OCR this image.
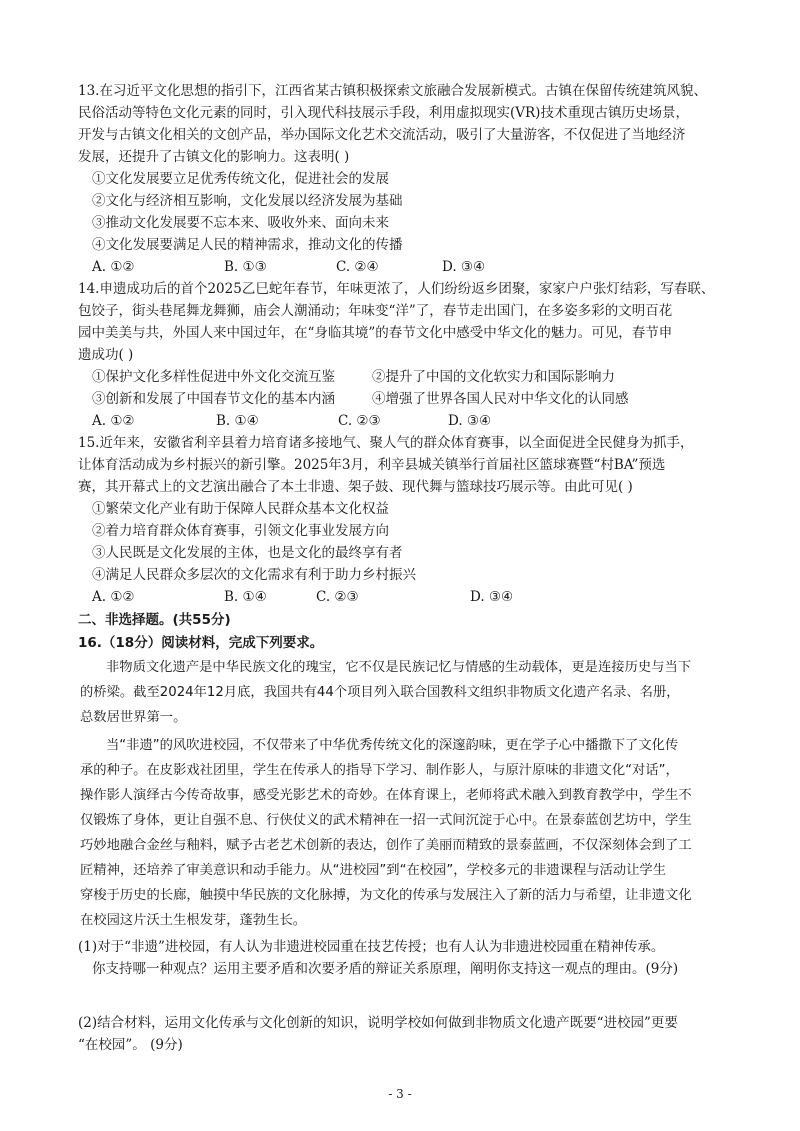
13.在习近平文化思想的指引下，江西省某古镇积极探索文旅融合发展新模式。古镇在保留传统建筑风貌、
民俗活动等特色文化元素的同时，引入现代科技展示手段，利用虚拟现实(VR)技术重现古镇历史场景，
开发与古镇文化相关的文创产品，举办国际文化艺术交流活动，吸引了大量游客，不仅促进了当地经济
发展，还提升了古镇文化的影响力。这表明( )
①文化发展要立足优秀传统文化，促进社会的发展
②文化与经济相互影响，文化发展以经济发展为基础
③推动文化发展要不忘本来、吸收外来、面向未来
④文化发展要满足人民的精神需求，推动文化的传播
A. ①②	B. ①③	C. ②④	D. ③④
14.申遗成功后的首个2025乙巳蛇年春节，年味更浓了，人们纷纷返乡团聚，家家户户张灯结彩，写春联、
包饺子，街头巷尾舞龙舞狮，庙会人潮涌动；年味变“洋”了，春节走出国门，在多姿多彩的文明百花
园中美美与共，外国人来中国过年，在“身临其境”的春节文化中感受中华文化的魅力。可见，春节申
遗成功( )
①保护文化多样性促进中外文化交流互鉴	②提升了中国的文化软实力和国际影响力
③创新和发展了中国春节文化的基本内涵	④增强了世界各国人民对中华文化的认同感
A. ①②	B. ①④	C. ②③	D. ③④
15.近年来，安徽省利辛县着力培育诸多接地气、聚人气的群众体育赛事，以全面促进全民健身为抓手，
让体育活动成为乡村振兴的新引擎。2025年3月，利辛县城关镇举行首届社区篮球赛暨“村BA”预选
赛，其开幕式上的文艺演出融合了本土非遗、架子鼓、现代舞与篮球技巧展示等。由此可见( )
①繁荣文化产业有助于保障人民群众基本文化权益
②着力培育群众体育赛事，引领文化事业发展方向
③人民既是文化发展的主体，也是文化的最终享有者
④满足人民群众多层次的文化需求有利于助力乡村振兴
A. ①②	B. ①④	C. ②③	D. ③④
二、非选择题。(共55分)
16.（18分）阅读材料，完成下列要求。
非物质文化遗产是中华民族文化的瑰宝，它不仅是民族记忆与情感的生动载体，更是连接历史与当下
的桥梁。截至2024年12月底，我国共有44个项目列入联合国教科文组织非物质文化遗产名录、名册，
总数居世界第一。
当“非遗”的风吹进校园，不仅带来了中华优秀传统文化的深邃韵味，更在学子心中播撒下了文化传
承的种子。在皮影戏社团里，学生在传承人的指导下学习、制作影人，与原汁原味的非遗文化“对话”，
操作影人演绎古今传奇故事，感受光影艺术的奇妙。在体育课上，老师将武术融入到教育教学中，学生不
仅锻炼了身体，更让自强不息、行侠仗义的武术精神在一招一式间沉淀于心中。在景泰蓝创艺坊中，学生
巧妙地融合金丝与釉料，赋予古老艺术创新的表达，创作了美丽而精致的景泰蓝画，不仅深刻体会到了工
匠精神，还培养了审美意识和动手能力。从“进校园”到“在校园”，学校多元的非遗课程与活动让学生
穿梭于历史的长廊，触摸中华民族的文化脉搏，为文化的传承与发展注入了新的活力与希望，让非遗文化
在校园这片沃土生根发芽，蓬勃生长。
(1)对于“非遗”进校园，有人认为非遗进校园重在技艺传授；也有人认为非遗进校园重在精神传承。
你支持哪一种观点？运用主要矛盾和次要矛盾的辩证关系原理，阐明你支持这一观点的理由。(9分)
(2)结合材料，运用文化传承与文化创新的知识，说明学校如何做到非物质文化遗产既要“进校园”更要
“在校园”。 (9分)
- 3 -
